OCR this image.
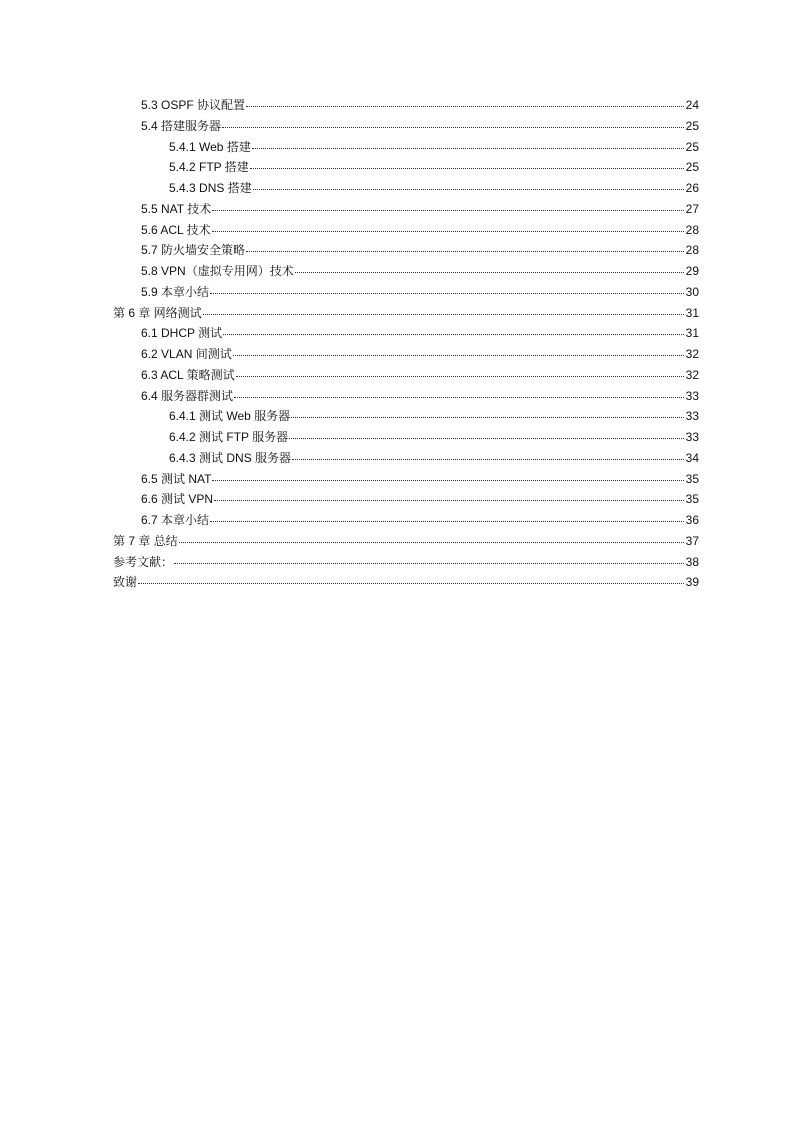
5.3 OSPF 协议配置	24
5.4 搭建服务器	25
5.4.1 Web 搭建	25
5.4.2 FTP 搭建	25
5.4.3 DNS 搭建	26
5.5 NAT 技术	27
5.6 ACL 技术	28
5.7 防火墙安全策略	28
5.8 VPN（虚拟专用网）技术	29
5.9 本章小结	30
第 6 章 网络测试	31
6.1 DHCP 测试	31
6.2 VLAN 间测试	32
6.3 ACL 策略测试	32
6.4 服务器群测试	33
6.4.1 测试 Web 服务器	33
6.4.2 测试 FTP 服务器	33
6.4.3 测试 DNS 服务器	34
6.5 测试 NAT	35
6.6 测试 VPN	35
6.7 本章小结	36
第 7 章 总结	37
参考文献：	38
致谢	39
